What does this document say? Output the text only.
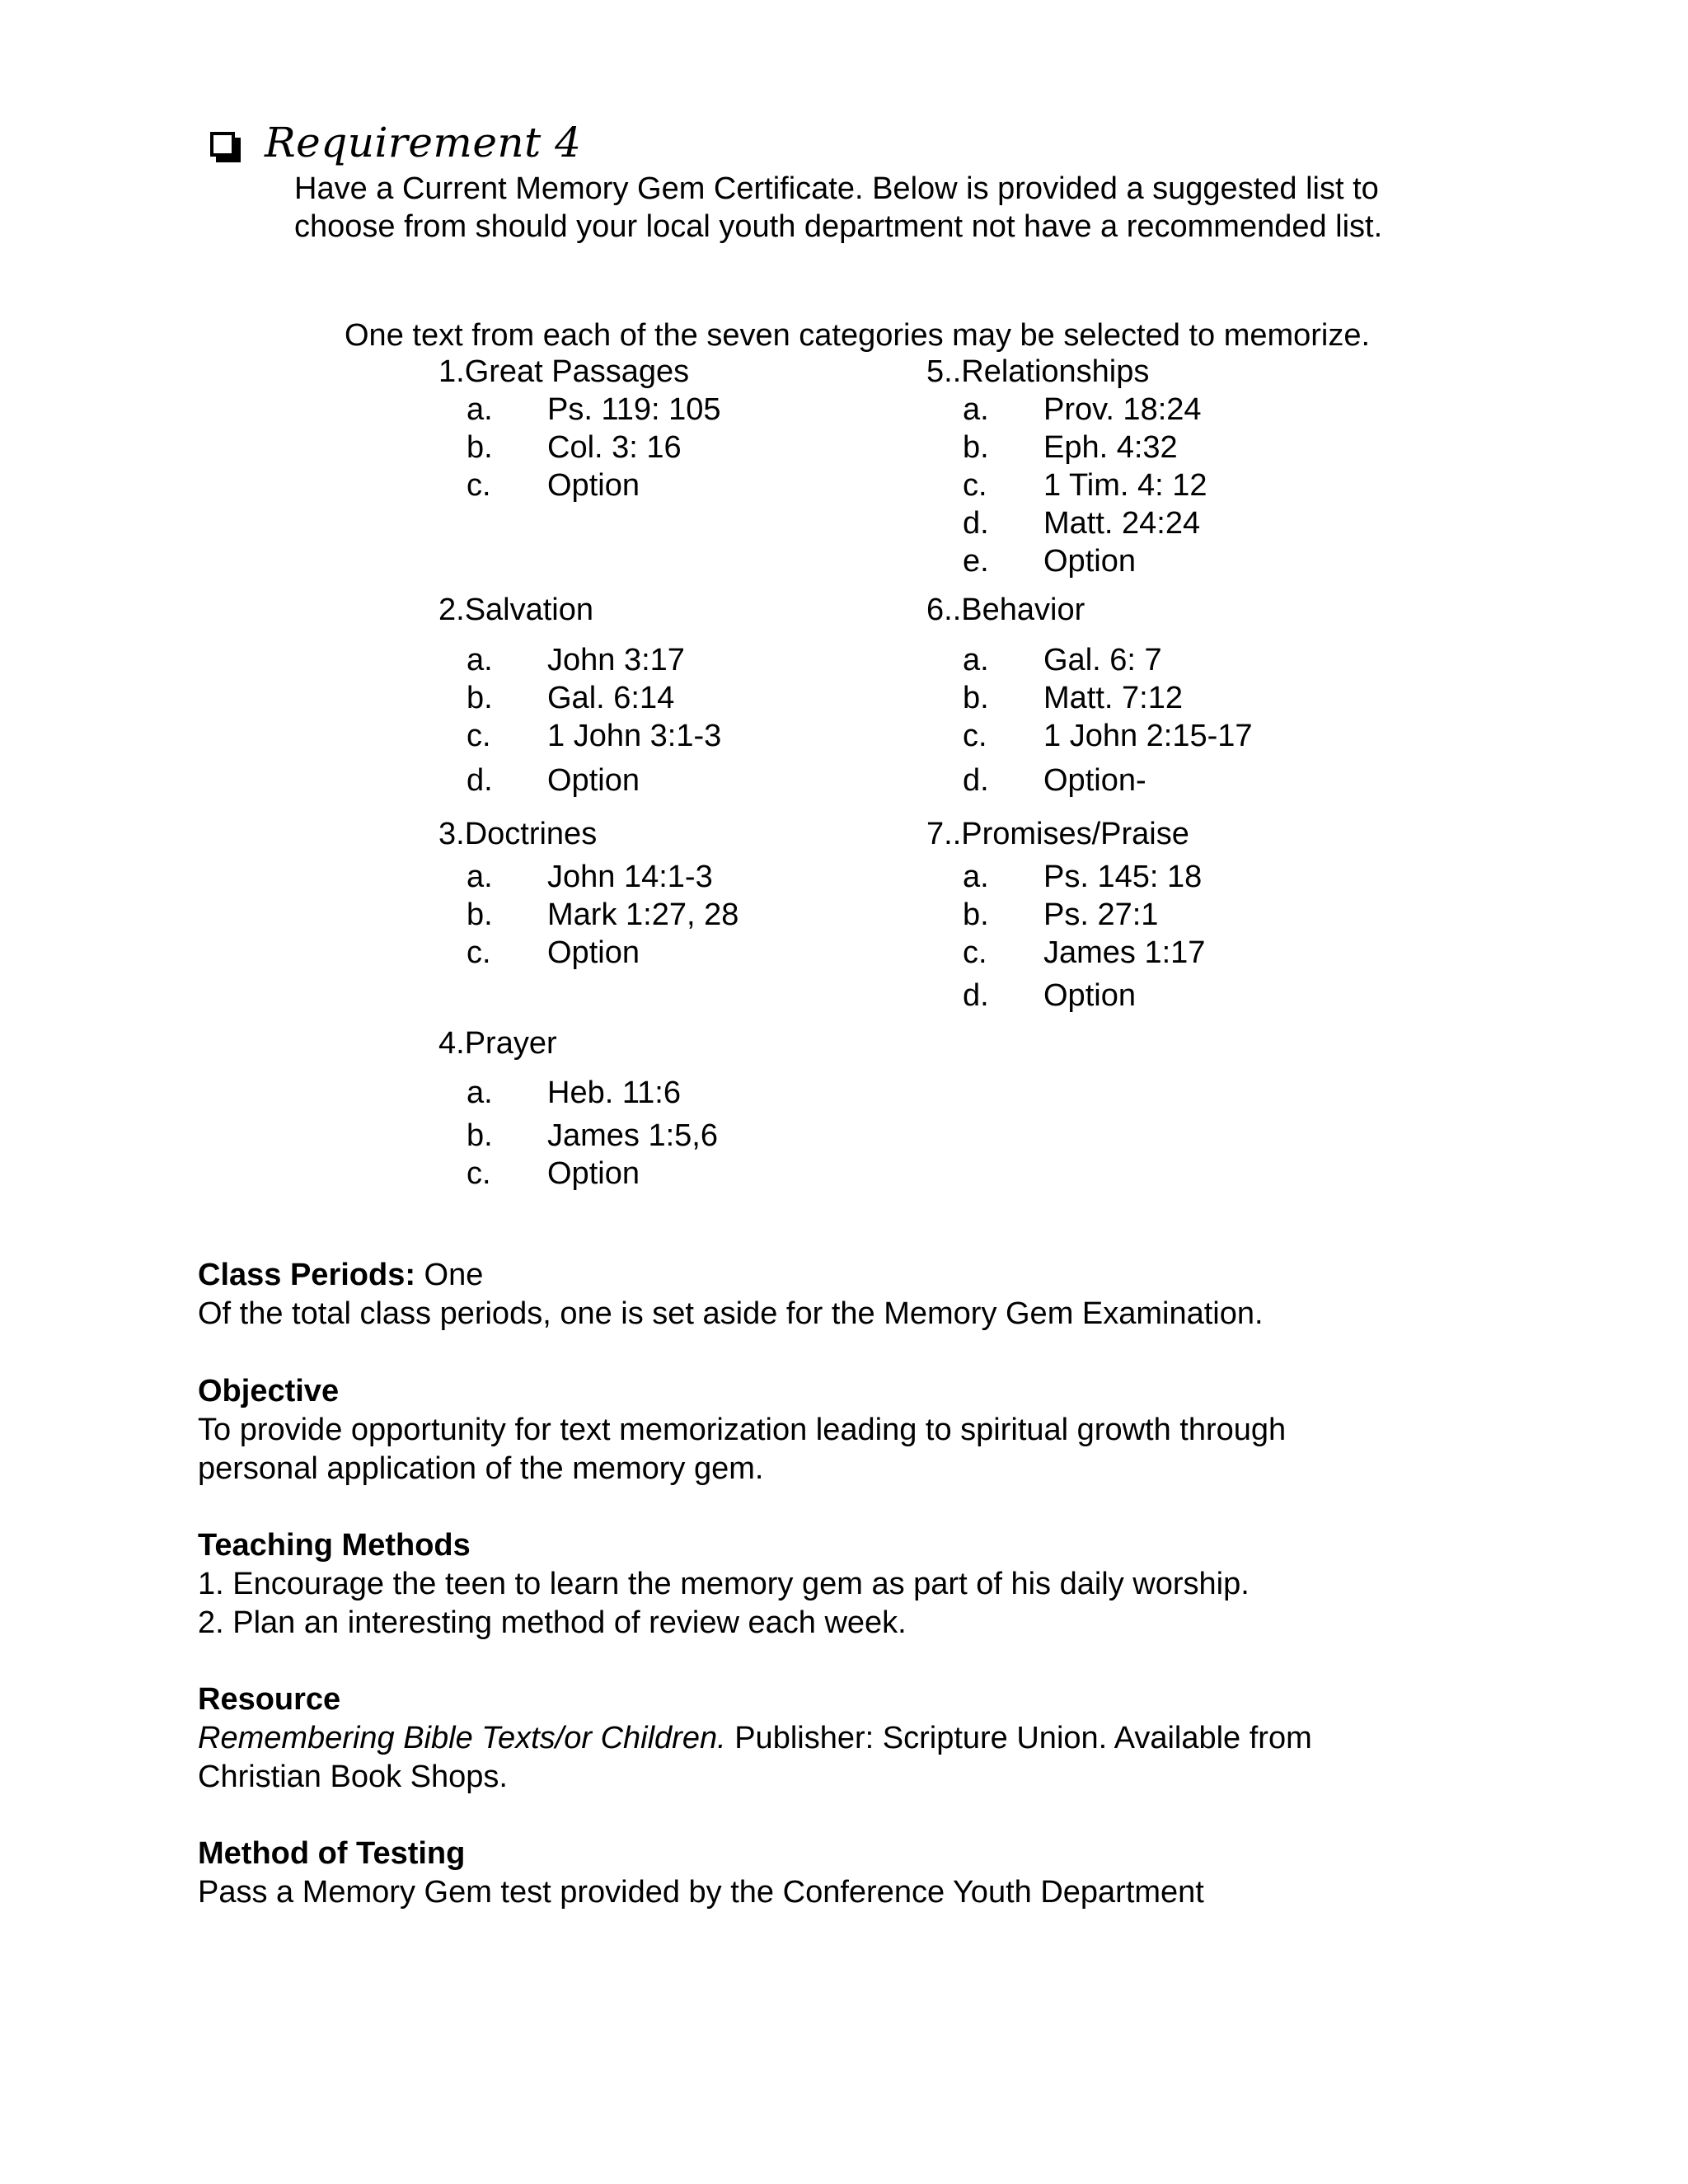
Requirement 4
Have a Current Memory Gem Certificate. Below is provided a suggested list to choose from should your local youth department not have a recommended list.
One text from each of the seven categories may be selected to memorize.
1.Great Passages
a. Ps. 119: 105
b. Col. 3: 16
c. Option
2.Salvation
a. John 3:17
b. Gal. 6:14
c. 1 John 3:1-3
d. Option
3.Doctrines
a. John 14:1-3
b. Mark 1:27, 28
c. Option
4.Prayer
a. Heb. 11:6
b. James 1:5,6
c. Option
5..Relationships
a. Prov. 18:24
b. Eph. 4:32
c. 1 Tim. 4: 12
d. Matt. 24:24
e. Option
6..Behavior
a. Gal. 6: 7
b. Matt. 7:12
c. 1 John 2:15-17
d. Option-
7..Promises/Praise
a. Ps. 145: 18
b. Ps. 27:1
c. James 1:17
d. Option

Class Periods: One

Of the total class periods, one is set aside for the Memory Gem Examination.

Objective

To provide opportunity for text memorization leading to spiritual growth through personal application of the memory gem.

Teaching Methods

1. Encourage the teen to learn the memory gem as part of his daily worship.

2. Plan an interesting method of review each week.

Resource

Remembering Bible Texts/or Children. Publisher: Scripture Union. Available from Christian Book Shops.

Method of Testing

Pass a Memory Gem test provided by the Conference Youth Department
